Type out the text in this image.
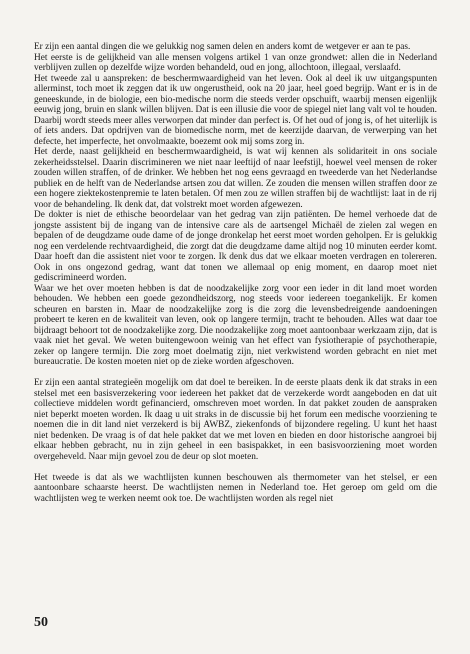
Er zijn een aantal dingen die we gelukkig nog samen delen en anders komt de wetgever er aan te pas.

Het eerste is de gelijkheid van alle mensen volgens artikel 1 van onze grondwet: allen die in Nederland verblijven zullen op dezelfde wijze worden behandeld, oud en jong, allochtoon, illegaal, verslaafd.

Het tweede zal u aanspreken: de beschermwaardigheid van het leven. Ook al deel ik uw uitgangspunten allerminst, toch moet ik zeggen dat ik uw ongerustheid, ook na 20 jaar, heel goed begrijp. Want er is in de geneeskunde, in de biologie, een bio-medische norm die steeds verder opschuift, waarbij mensen eigenlijk eeuwig jong, bruin en slank willen blijven. Dat is een illusie die voor de spiegel niet lang valt vol te houden. Daarbij wordt steeds meer alles verworpen dat minder dan perfect is. Of het oud of jong is, of het uiterlijk is of iets anders. Dat opdrijven van de biomedische norm, met de keerzijde daarvan, de verwerping van het defecte, het imperfecte, het onvolmaakte, boezemt ook mij soms zorg in.

Het derde, naast gelijkheid en beschermwaardigheid, is wat wij kennen als solidariteit in ons sociale zekerheidsstelsel. Daarin discrimineren we niet naar leeftijd of naar leefstijl, hoewel veel mensen de roker zouden willen straffen, of de drinker. We hebben het nog eens gevraagd en tweederde van het Nederlandse publiek en de helft van de Nederlandse artsen zou dat willen. Ze zouden die mensen willen straffen door ze een hogere ziektekostenpremie te laten betalen. Of men zou ze willen straffen bij de wachtlijst: laat in de rij voor de behandeling. Ik denk dat, dat volstrekt moet worden afgewezen.

De dokter is niet de ethische beoordelaar van het gedrag van zijn patiënten. De hemel verhoede dat de jongste assistent bij de ingang van de intensive care als de aartsengel Michaël de zielen zal wegen en bepalen of de deugdzame oude dame of de jonge dronkelap het eerst moet worden geholpen. Er is gelukkig nog een verdelende rechtvaardigheid, die zorgt dat die deugdzame dame altijd nog 10 minuten eerder komt. Daar hoeft dan die assistent niet voor te zorgen. Ik denk dus dat we elkaar moeten verdragen en tolereren. Ook in ons ongezond gedrag, want dat tonen we allemaal op enig moment, en daarop moet niet gediscrimineerd worden.

Waar we het over moeten hebben is dat de noodzakelijke zorg voor een ieder in dit land moet worden behouden. We hebben een goede gezondheidszorg, nog steeds voor iedereen toegankelijk. Er komen scheuren en barsten in. Maar de noodzakelijke zorg is die zorg die levensbedreigende aandoeningen probeert te keren en de kwaliteit van leven, ook op langere termijn, tracht te behouden. Alles wat daar toe bijdraagt behoort tot de noodzakelijke zorg. Die noodzakelijke zorg moet aantoonbaar werkzaam zijn, dat is vaak niet het geval. We weten buitengewoon weinig van het effect van fysiotherapie of psychotherapie, zeker op langere termijn. Die zorg moet doelmatig zijn, niet verkwistend worden gebracht en niet met bureaucratie. De kosten moeten niet op de zieke worden afgeschoven.

Er zijn een aantal strategieën mogelijk om dat doel te bereiken. In de eerste plaats denk ik dat straks in een stelsel met een basisverzekering voor iedereen het pakket dat de verzekerde wordt aangeboden en dat uit collectieve middelen wordt gefinancierd, omschreven moet worden. In dat pakket zouden de aanspraken niet beperkt moeten worden. Ik daag u uit straks in de discussie bij het forum een medische voorziening te noemen die in dit land niet verzekerd is bij AWBZ, ziekenfonds of bijzondere regeling. U kunt het haast niet bedenken. De vraag is of dat hele pakket dat we met loven en bieden en door historische aangroei bij elkaar hebben gebracht, nu in zijn geheel in een basispakket, in een basisvoorziening moet worden overgeheveld. Naar mijn gevoel zou de deur op slot moeten.

Het tweede is dat als we wachtlijsten kunnen beschouwen als thermometer van het stelsel, er een aantoonbare schaarste heerst. De wachtlijsten nemen in Nederland toe. Het geroep om geld om die wachtlijsten weg te werken neemt ook toe. De wachtlijsten worden als regel niet

50
